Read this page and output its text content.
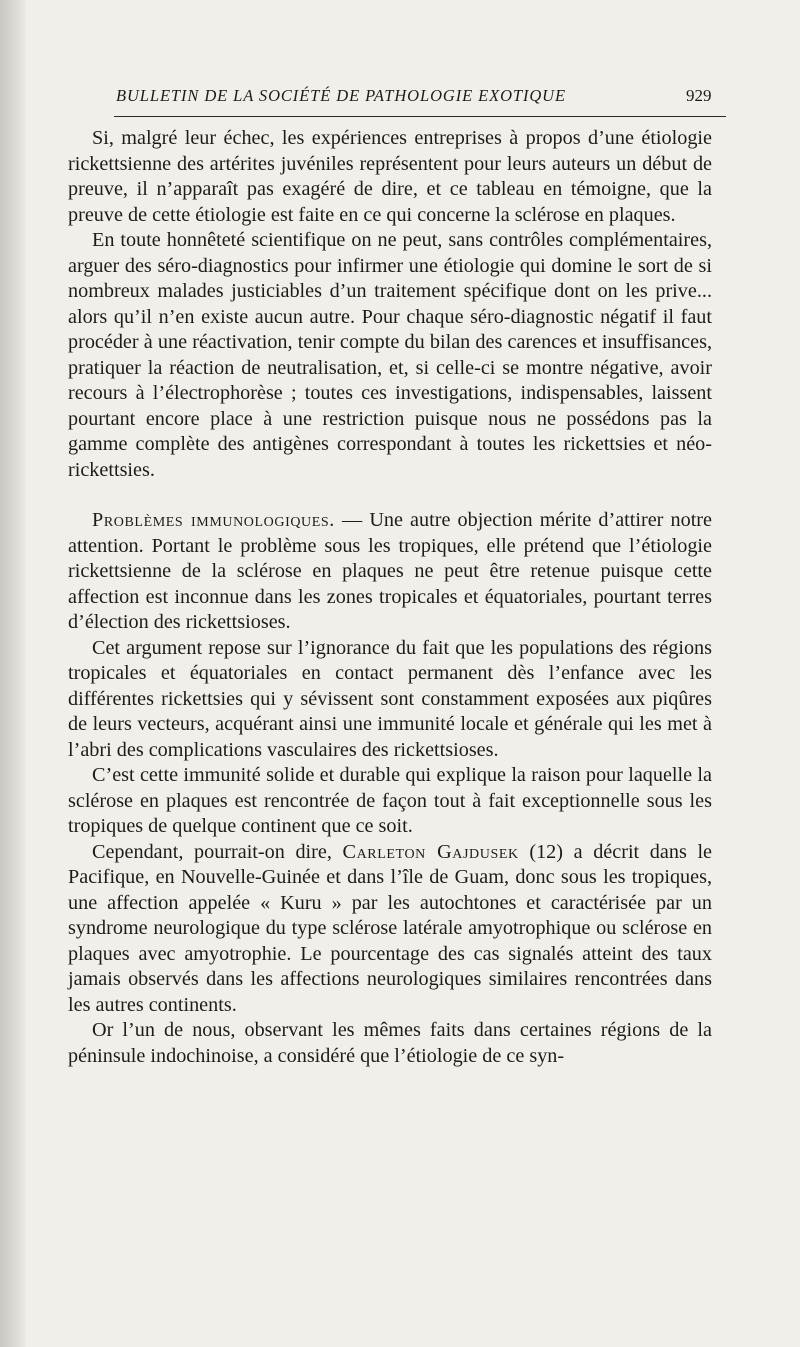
BULLETIN DE LA SOCIÉTÉ DE PATHOLOGIE EXOTIQUE	929

Si, malgré leur échec, les expériences entreprises à propos d’une étiologie rickettsienne des artérites juvéniles représentent pour leurs auteurs un début de preuve, il n’apparaît pas exagéré de dire, et ce tableau en témoigne, que la preuve de cette étiologie est faite en ce qui concerne la sclérose en plaques.

En toute honnêteté scientifique on ne peut, sans contrôles complémentaires, arguer des séro-diagnostics pour infirmer une étiologie qui domine le sort de si nombreux malades justiciables d’un traitement spécifique dont on les prive... alors qu’il n’en existe aucun autre. Pour chaque séro-diagnostic négatif il faut procéder à une réactivation, tenir compte du bilan des carences et insuffisances, pratiquer la réaction de neutralisation, et, si celle-ci se montre négative, avoir recours à l’électrophorèse ; toutes ces investigations, indispensables, laissent pourtant encore place à une restriction puisque nous ne possédons pas la gamme complète des antigènes correspondant à toutes les rickettsies et néo-rickettsies.

Problèmes immunologiques. — Une autre objection mérite d’attirer notre attention. Portant le problème sous les tropiques, elle prétend que l’étiologie rickettsienne de la sclérose en plaques ne peut être retenue puisque cette affection est inconnue dans les zones tropicales et équatoriales, pourtant terres d’élection des rickettsioses.

Cet argument repose sur l’ignorance du fait que les populations des régions tropicales et équatoriales en contact permanent dès l’enfance avec les différentes rickettsies qui y sévissent sont constamment exposées aux piqûres de leurs vecteurs, acquérant ainsi une immunité locale et générale qui les met à l’abri des complications vasculaires des rickettsioses.

C’est cette immunité solide et durable qui explique la raison pour laquelle la sclérose en plaques est rencontrée de façon tout à fait exceptionnelle sous les tropiques de quelque continent que ce soit.

Cependant, pourrait-on dire, Carleton Gajdusek (12) a décrit dans le Pacifique, en Nouvelle-Guinée et dans l’île de Guam, donc sous les tropiques, une affection appelée « Kuru » par les autochtones et caractérisée par un syndrome neurologique du type sclérose latérale amyotrophique ou sclérose en plaques avec amyotrophie. Le pourcentage des cas signalés atteint des taux jamais observés dans les affections neurologiques similaires rencontrées dans les autres continents.

Or l’un de nous, observant les mêmes faits dans certaines régions de la péninsule indochinoise, a considéré que l’étiologie de ce syn-
